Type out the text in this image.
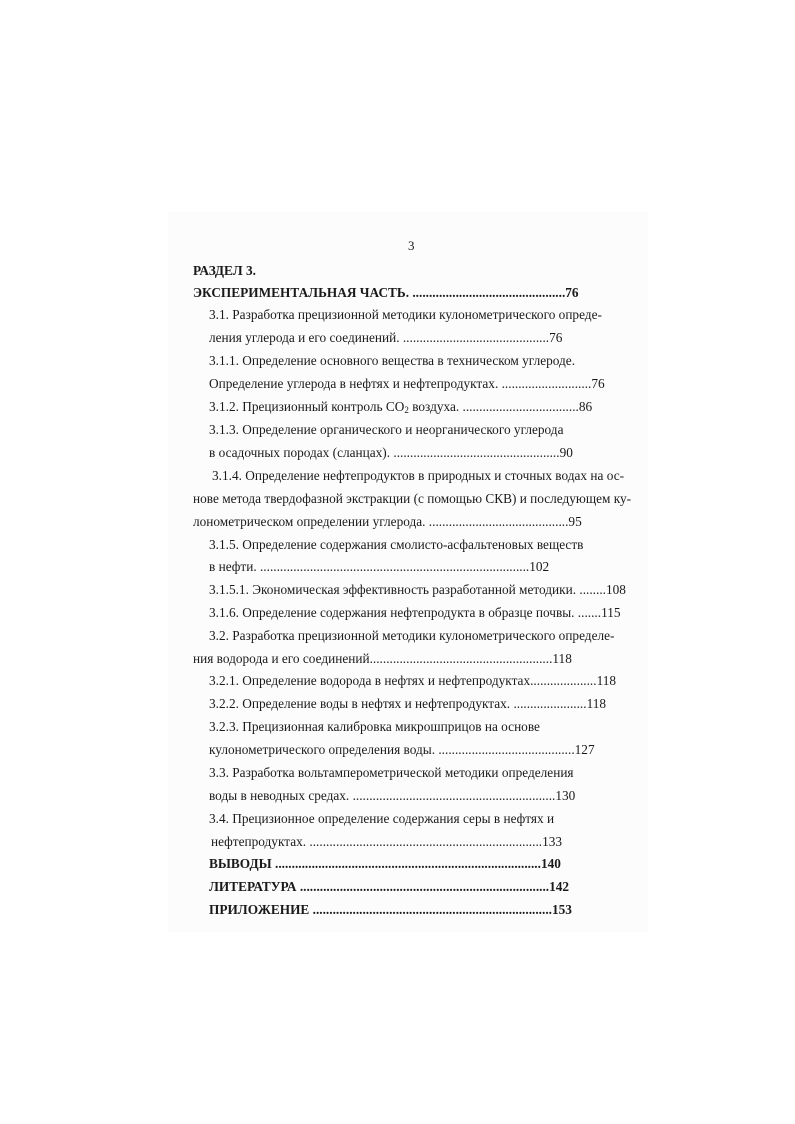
3
РАЗДЕЛ 3.
ЭКСПЕРИМЕНТАЛЬНАЯ ЧАСТЬ. ..............................................76
3.1. Разработка прецизионной методики кулонометрического опреде-
ления углерода и его соединений. ............................................76
3.1.1. Определение основного вещества в техническом углероде.
Определение углерода в нефтях и нефтепродуктах. ...........................76
3.1.2. Прецизионный контроль $СО_2$ воздуха. ...................................86
3.1.3. Определение органического и неорганического углерода
в осадочных породах (сланцах). ..................................................90
3.1.4. Определение нефтепродуктов в природных и сточных водах на ос-
нове метода твердофазной экстракции (с помощью СКВ) и последующем ку-
лонометрическом определении углерода. ..........................................95
3.1.5. Определение содержания смолисто-асфальтеновых веществ
в нефти. .................................................................................102
3.1.5.1. Экономическая эффективность разработанной методики. ........108
3.1.6. Определение содержания нефтепродукта в образце почвы. .......115
3.2. Разработка прецизионной методики кулонометрического определе-
ния водорода и его соединений.......................................................118
3.2.1. Определение водорода в нефтях и нефтепродуктах....................118
3.2.2. Определение воды в нефтях и нефтепродуктах. ......................118
3.2.3. Прецизионная калибровка микрошприцов на основе
кулонометрического определения воды. .........................................127
3.3. Разработка вольтамперометрической методики определения
воды в неводных средах. .............................................................130
3.4. Прецизионное определение содержания серы в нефтях и
нефтепродуктах. ......................................................................133
ВЫВОДЫ ................................................................................140
ЛИТЕРАТУРА ...........................................................................142
ПРИЛОЖЕНИЕ ........................................................................153
